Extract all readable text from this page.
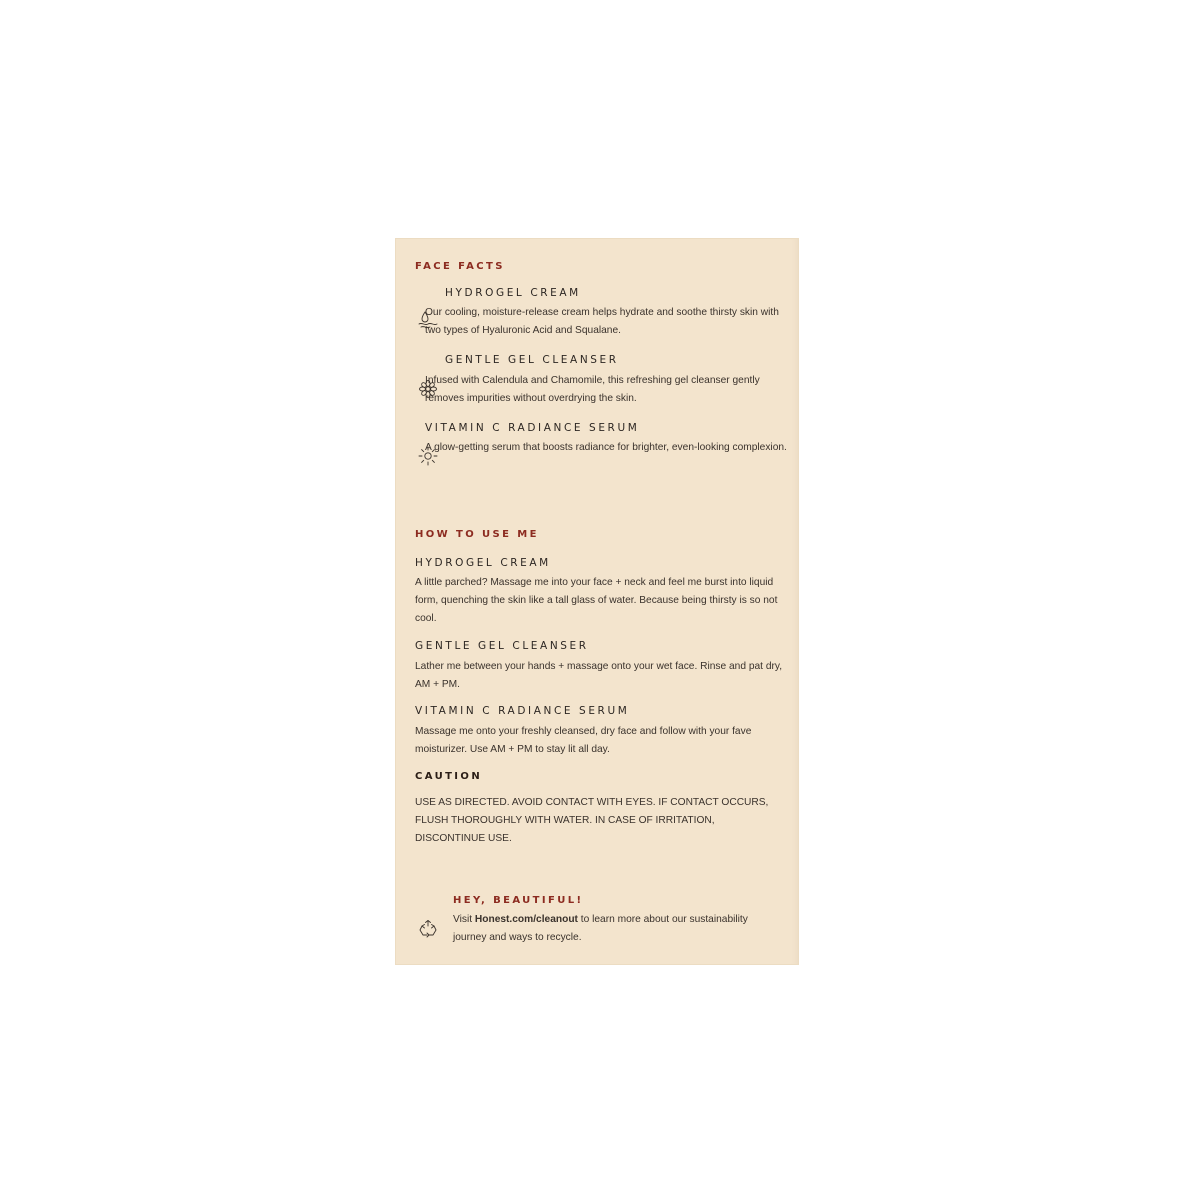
FACE FACTS
HYDROGEL CREAM
Our cooling, moisture-release cream helps hydrate and soothe thirsty skin with two types of Hyaluronic Acid and Squalane.
GENTLE GEL CLEANSER
Infused with Calendula and Chamomile, this refreshing gel cleanser gently removes impurities without overdrying the skin.
VITAMIN C RADIANCE SERUM
A glow-getting serum that boosts radiance for brighter, even-looking complexion.
HOW TO USE ME
HYDROGEL CREAM
A little parched? Massage me into your face + neck and feel me burst into liquid form, quenching the skin like a tall glass of water. Because being thirsty is so not cool.
GENTLE GEL CLEANSER
Lather me between your hands + massage onto your wet face. Rinse and pat dry, AM + PM.
VITAMIN C RADIANCE SERUM
Massage me onto your freshly cleansed, dry face and follow with your fave moisturizer. Use AM + PM to stay lit all day.
CAUTION
USE AS DIRECTED. AVOID CONTACT WITH EYES. IF CONTACT OCCURS, FLUSH THOROUGHLY WITH WATER. IN CASE OF IRRITATION, DISCONTINUE USE.
HEY, BEAUTIFUL!
Visit Honest.com/cleanout to learn more about our sustainability journey and ways to recycle.
